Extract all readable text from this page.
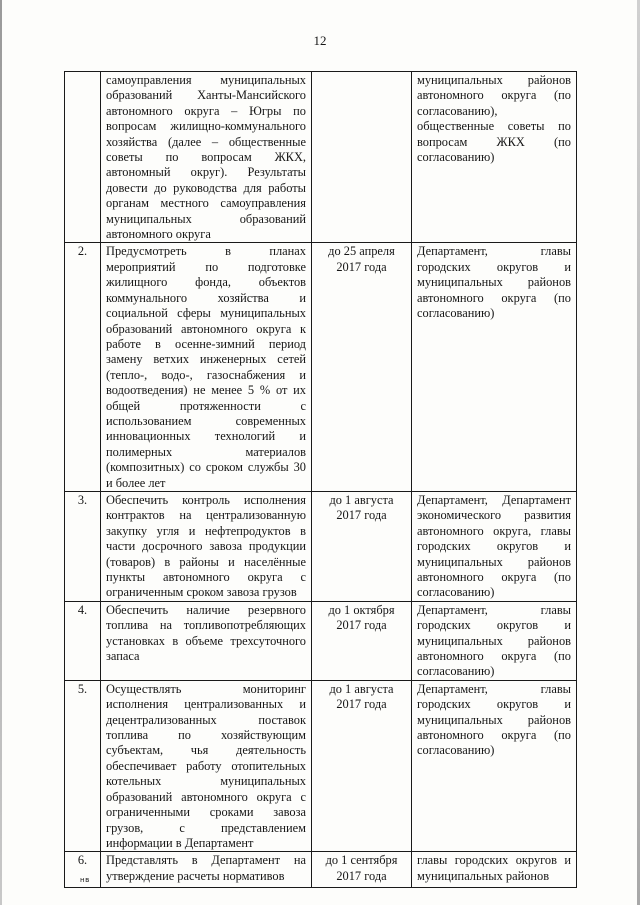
12
	самоуправления муниципальных образований Ханты-Мансийского автономного округа – Югры по вопросам жилищно-коммунального хозяйства (далее – общественные советы по вопросам ЖКХ, автономный округ). Результаты довести до руководства для работы органам местного самоуправления муниципальных образований автономного округа		муниципальных районов автономного округа (по согласованию), общественные советы по вопросам ЖКХ (по согласованию)
2.	Предусмотреть в планах мероприятий по подготовке жилищного фонда, объектов коммунального хозяйства и социальной сферы муниципальных образований автономного округа к работе в осенне-зимний период замену ветхих инженерных сетей (тепло-, водо-, газоснабжения и водоотведения) не менее 5 % от их общей протяженности с использованием современных инновационных технологий и полимерных материалов (композитных) со сроком службы 30 и более лет	до 25 апреля 2017 года	Департамент, главы городских округов и муниципальных районов автономного округа (по согласованию)
3.	Обеспечить контроль исполнения контрактов на централизованную закупку угля и нефтепродуктов в части досрочного завоза продукции (товаров) в районы и населённые пункты автономного округа с ограниченным сроком завоза грузов	до 1 августа 2017 года	Департамент, Департамент экономического развития автономного округа, главы городских округов и муниципальных районов автономного округа (по согласованию)
4.	Обеспечить наличие резервного топлива на топливопотребляющих установках в объеме трехсуточного запаса	до 1 октября 2017 года	Департамент, главы городских округов и муниципальных районов автономного округа (по согласованию)
5.	Осуществлять мониторинг исполнения централизованных и децентрализованных поставок топлива по хозяйствующим субъектам, чья деятельность обеспечивает работу отопительных котельных муниципальных образований автономного округа с ограниченными сроками завоза грузов, с представлением информации в Департамент	до 1 августа 2017 года	Департамент, главы городских округов и муниципальных районов автономного округа (по согласованию)
6.	Представлять в Департамент на утверждение расчеты нормативов	до 1 сентября 2017 года	главы городских округов и муниципальных районов
нв
